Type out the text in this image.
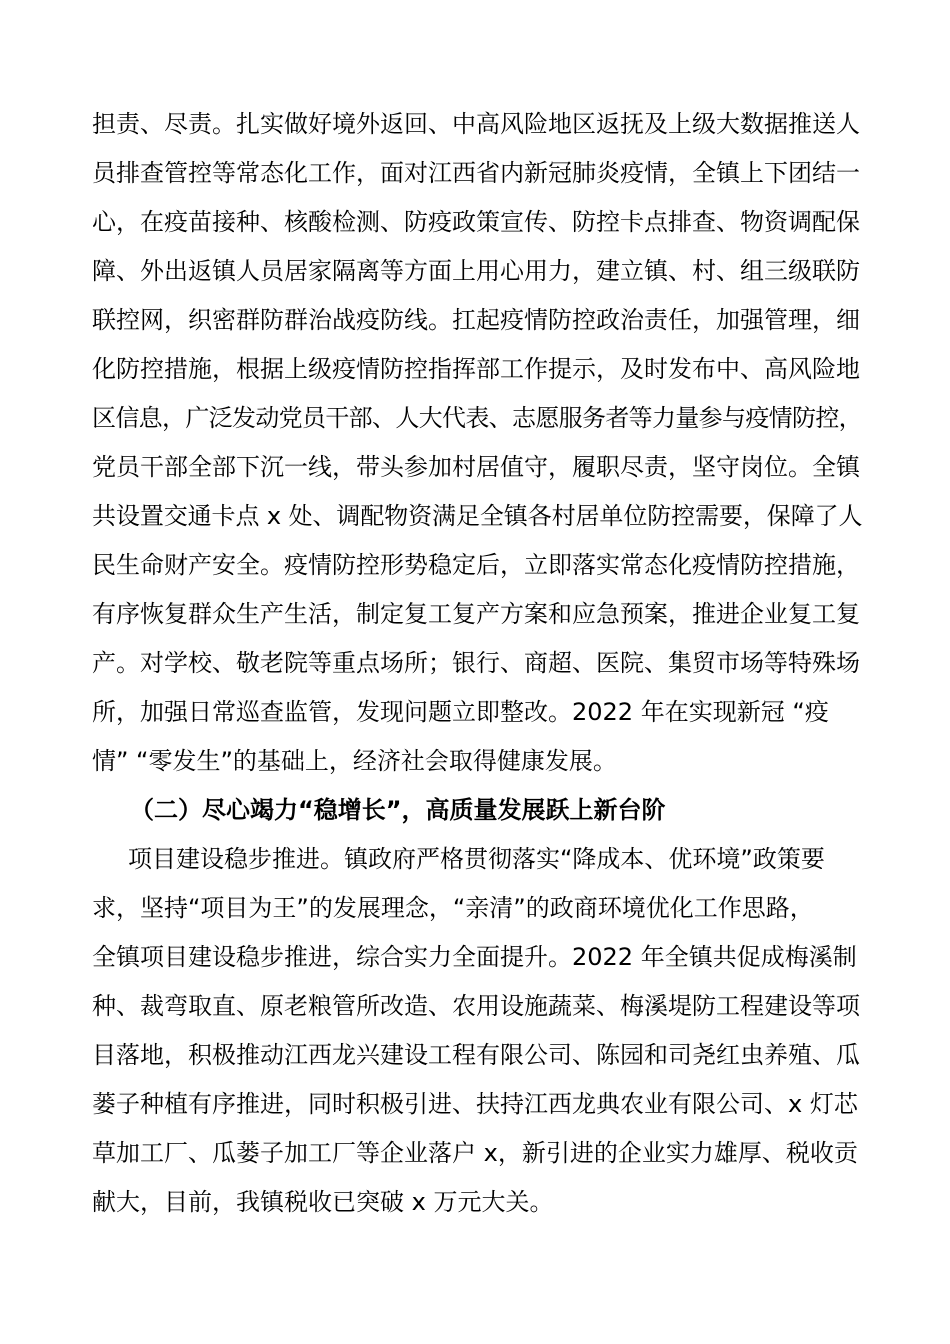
担责、尽责。扎实做好境外返回、中高风险地区返抚及上级大数据推送人
员排查管控等常态化工作，面对江西省内新冠肺炎疫情，全镇上下团结一
心，在疫苗接种、核酸检测、防疫政策宣传、防控卡点排查、物资调配保
障、外出返镇人员居家隔离等方面上用心用力，建立镇、村、组三级联防
联控网，织密群防群治战疫防线。扛起疫情防控政治责任，加强管理，细
化防控措施，根据上级疫情防控指挥部工作提示，及时发布中、高风险地
区信息，广泛发动党员干部、人大代表、志愿服务者等力量参与疫情防控，
党员干部全部下沉一线，带头参加村居值守，履职尽责，坚守岗位。全镇
共设置交通卡点 x 处、调配物资满足全镇各村居单位防控需要，保障了人
民生命财产安全。疫情防控形势稳定后，立即落实常态化疫情防控措施，
有序恢复群众生产生活，制定复工复产方案和应急预案，推进企业复工复
产。对学校、敬老院等重点场所；银行、商超、医院、集贸市场等特殊场
所，加强日常巡查监管，发现问题立即整改。2022 年在实现新冠 “疫
情” “零发生”的基础上，经济社会取得健康发展。
（二）尽心竭力“稳增长”，高质量发展跃上新台阶
项目建设稳步推进。镇政府严格贯彻落实“降成本、优环境”政策要
求，坚持“项目为王”的发展理念，“亲清”的政商环境优化工作思路，
全镇项目建设稳步推进，综合实力全面提升。2022 年全镇共促成梅溪制
种、裁弯取直、原老粮管所改造、农用设施蔬菜、梅溪堤防工程建设等项
目落地，积极推动江西龙兴建设工程有限公司、陈园和司尧红虫养殖、瓜
蒌子种植有序推进，同时积极引进、扶持江西龙典农业有限公司、x 灯芯
草加工厂、瓜蒌子加工厂等企业落户 x，新引进的企业实力雄厚、税收贡
献大，目前，我镇税收已突破 x 万元大关。
